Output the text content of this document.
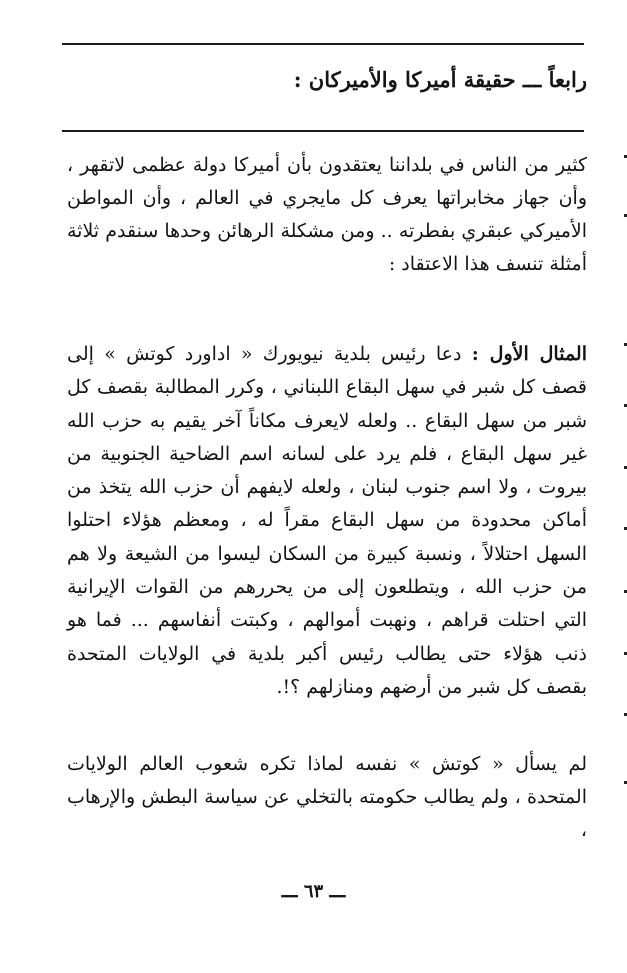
رابعاً ـــ حقيقة أميركا والأميركان :
كثير من الناس في بلداننا يعتقدون بأن أميركا دولة عظمى لاتقهر ، وأن جهاز مخابراتها يعرف كل مايجري في العالم ، وأن المواطن الأميركي عبقري بفطرته .. ومن مشكلة الرهائن وحدها سنقدم ثلاثة أمثلة تنسف هذا الاعتقاد :
المثال الأول : دعا رئيس بلدية نيويورك « اداورد كوتش » إلى قصف كل شبر في سهل البقاع اللبناني ، وكرر المطالبة بقصف كل شبر من سهل البقاع .. ولعله لايعرف مكاناً آخر يقيم به حزب الله غير سهل البقاع ، فلم يرد على لسانه اسم الضاحية الجنوبية من بيروت ، ولا اسم جنوب لبنان ، ولعله لايفهم أن حزب الله يتخذ من أماكن محدودة من سهل البقاع مقراً له ، ومعظم هؤلاء احتلوا السهل احتلالاً ، ونسبة كبيرة من السكان ليسوا من الشيعة ولا هم من حزب الله ، ويتطلعون إلى من يحررهم من القوات الإيرانية التي احتلت قراهم ، ونهبت أموالهم ، وكبتت أنفاسهم ... فما هو ذنب هؤلاء حتى يطالب رئيس أكبر بلدية في الولايات المتحدة بقصف كل شبر من أرضهم ومنازلهم ؟!.
لم يسأل « كوتش » نفسه لماذا تكره شعوب العالم الولايات المتحدة ، ولم يطالب حكومته بالتخلي عن سياسة البطش والإرهاب ،
ـــ ٦٣ ـــ
